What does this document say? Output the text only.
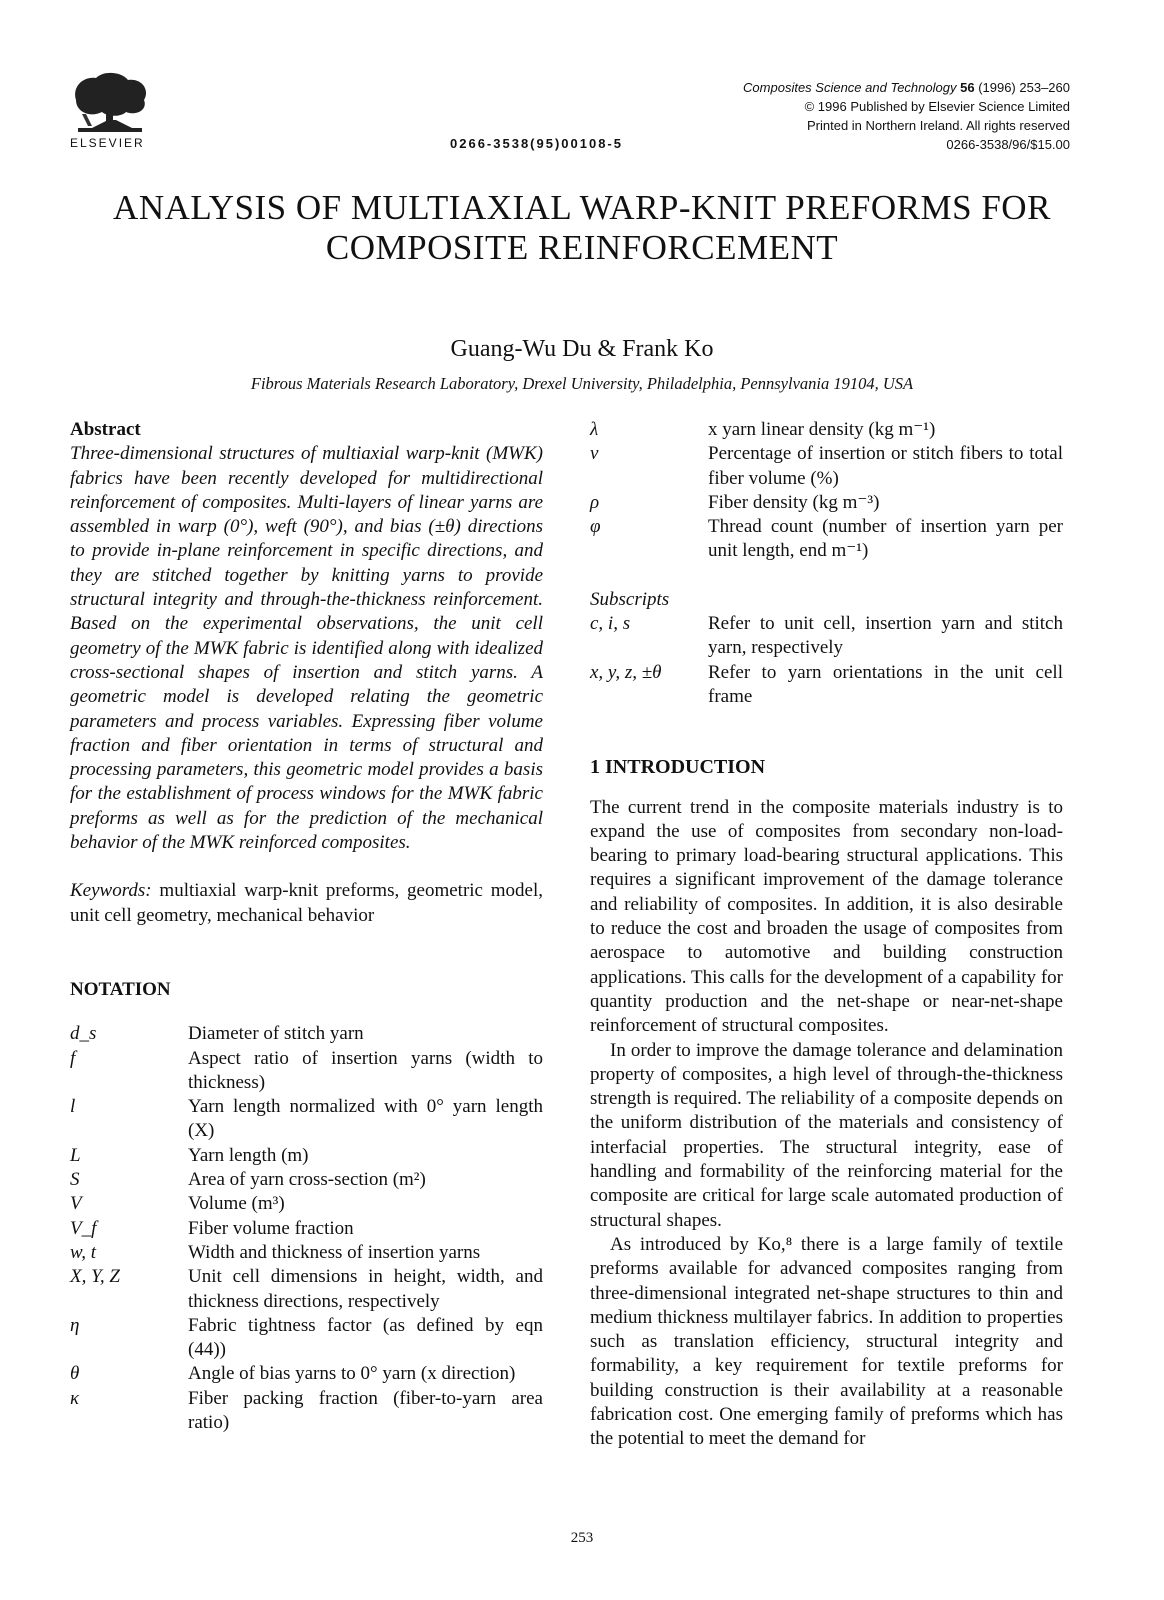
ELSEVIER	0266-3538(95)00108-5
Composites Science and Technology 56 (1996) 253–260
© 1996 Published by Elsevier Science Limited
Printed in Northern Ireland. All rights reserved
0266-3538/96/$15.00
ANALYSIS OF MULTIAXIAL WARP-KNIT PREFORMS FOR
COMPOSITE REINFORCEMENT
Guang-Wu Du & Frank Ko
Fibrous Materials Research Laboratory, Drexel University, Philadelphia, Pennsylvania 19104, USA
Abstract
Three-dimensional structures of multiaxial warp-knit (MWK) fabrics have been recently developed for multidirectional reinforcement of composites. Multi-layers of linear yarns are assembled in warp (0°), weft (90°), and bias (±θ) directions to provide in-plane reinforcement in specific directions, and they are stitched together by knitting yarns to provide structural integrity and through-the-thickness reinforcement. Based on the experimental observations, the unit cell geometry of the MWK fabric is identified along with idealized cross-sectional shapes of insertion and stitch yarns. A geometric model is developed relating the geometric parameters and process variables. Expressing fiber volume fraction and fiber orientation in terms of structural and processing parameters, this geometric model provides a basis for the establishment of process windows for the MWK fabric preforms as well as for the prediction of the mechanical behavior of the MWK reinforced composites.
Keywords: multiaxial warp-knit preforms, geometric model, unit cell geometry, mechanical behavior
NOTATION
d_s	Diameter of stitch yarn
f	Aspect ratio of insertion yarns (width to thickness)
l	Yarn length normalized with 0° yarn length (X)
L	Yarn length (m)
S	Area of yarn cross-section (m²)
V	Volume (m³)
V_f	Fiber volume fraction
w, t	Width and thickness of insertion yarns
X, Y, Z	Unit cell dimensions in height, width, and thickness directions, respectively
η	Fabric tightness factor (as defined by eqn (44))
θ	Angle of bias yarns to 0° yarn (x direction)
κ	Fiber packing fraction (fiber-to-yarn area ratio)
λ	x yarn linear density (kg m⁻¹)
ν	Percentage of insertion or stitch fibers to total fiber volume (%)
ρ	Fiber density (kg m⁻³)
φ	Thread count (number of insertion yarn per unit length, end m⁻¹)
Subscripts
c, i, s	Refer to unit cell, insertion yarn and stitch yarn, respectively
x, y, z, ±θ	Refer to yarn orientations in the unit cell frame
1 INTRODUCTION
The current trend in the composite materials industry is to expand the use of composites from secondary non-load-bearing to primary load-bearing structural applications. This requires a significant improvement of the damage tolerance and reliability of composites. In addition, it is also desirable to reduce the cost and broaden the usage of composites from aerospace to automotive and building construction applications. This calls for the development of a capability for quantity production and the net-shape or near-net-shape reinforcement of structural composites.
In order to improve the damage tolerance and delamination property of composites, a high level of through-the-thickness strength is required. The reliability of a composite depends on the uniform distribution of the materials and consistency of interfacial properties. The structural integrity, ease of handling and formability of the reinforcing material for the composite are critical for large scale automated production of structural shapes.
As introduced by Ko,⁸ there is a large family of textile preforms available for advanced composites ranging from three-dimensional integrated net-shape structures to thin and medium thickness multilayer fabrics. In addition to properties such as translation efficiency, structural integrity and formability, a key requirement for textile preforms for building construction is their availability at a reasonable fabrication cost. One emerging family of preforms which has the potential to meet the demand for
253
